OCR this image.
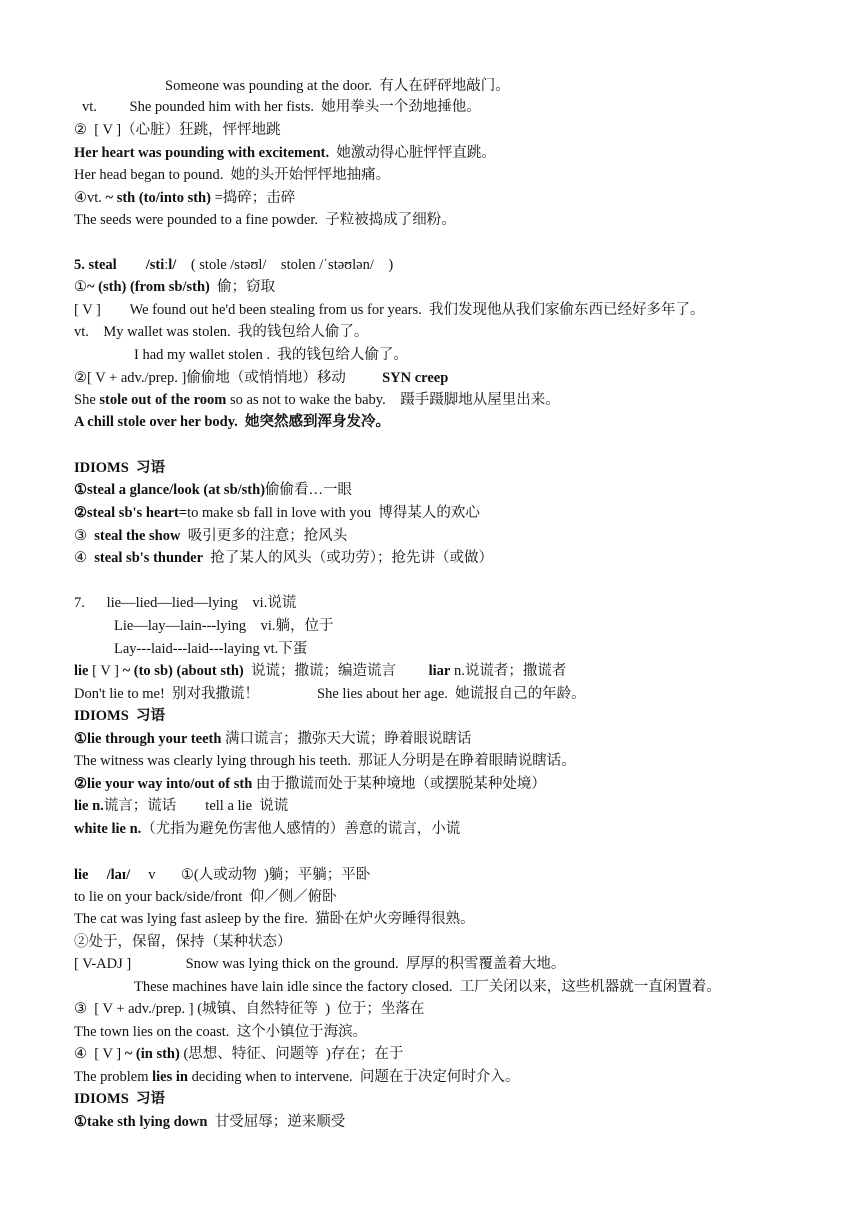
Someone was pounding at the door.  有人在砰砰地敲门。
vt.         She pounded him with her fists.  她用拳头一个劲地捶他。
②  [ V ]（心脏）狂跳，怦怦地跳
Her heart was pounding with excitement.  她激动得心脏怦怦直跳。
Her head began to pound.  她的头开始怦怦地抽痛。
④vt. ~ sth (to/into sth) =捣碎；击碎
The seeds were pounded to a fine powder.  子粒被捣成了细粉。
5. steal /stiːl/    ( stole /stəʊl/    stolen /ˈstəʊlən/    )
①~ (sth) (from sb/sth)  偷；窃取
[ V ]        We found out he'd been stealing from us for years.  我们发现他从我们家偷东西已经好多年了。
vt.    My wallet was stolen.  我的钱包给人偷了。
I had my wallet stolen .  我的钱包给人偷了。
②[ V + adv./prep. ]偷偷地（或悄悄地）移动          SYN creep
She stole out of the room so as not to wake the baby.    蹑手蹑脚地从屋里出来。
A chill stole over her body.  她突然感到浑身发冷。
IDIOMS  习语
①steal a glance/look (at sb/sth)偷偷看…一眼
②steal sb's heart=to make sb fall in love with you  博得某人的欢心
③  steal the show  吸引更多的注意；抢风头
④  steal sb's thunder  抢了某人的风头（或功劳）；抢先讲（或做）
7.      lie—lied—lied—lying    vi.说谎
Lie—lay—lain---lying    vi.躺，位于
Lay---laid---laid---laying vt.下蛋
lie [ V ] ~ (to sb) (about sth)  说谎；撒谎；编造谎言         liar n.说谎者；撒谎者
Don't lie to me!  别对我撒谎！                She lies about her age.  她谎报自己的年龄。
IDIOMS  习语
①lie through your teeth 满口谎言；撒弥天大谎；睁着眼说瞎话
The witness was clearly lying through his teeth.  那证人分明是在睁着眼睛说瞎话。
②lie your way into/out of sth 由于撒谎而处于某种境地（或摆脱某种处境）
lie n.谎言；谎话        tell a lie  说谎
white lie n.（尤指为避免伤害他人感情的）善意的谎言，小谎
lie     /laɪ/     v       ①(人或动物  )躺；平躺；平卧
to lie on your back/side/front  仰／侧／俯卧
The cat was lying fast asleep by the fire.  猫卧在炉火旁睡得很熟。
②处于，保留，保持（某种状态）
[ V-ADJ ]               Snow was lying thick on the ground.  厚厚的积雪覆盖着大地。
These machines have lain idle since the factory closed.  工厂关闭以来，这些机器就一直闲置着。
③  [ V + adv./prep. ] (城镇、自然特征等  )  位于；坐落在
The town lies on the coast.  这个小镇位于海滨。
④  [ V ] ~ (in sth) (思想、特征、问题等  )存在；在于
The problem lies in deciding when to intervene.  问题在于决定何时介入。
IDIOMS  习语
①take sth lying down  甘受屈辱；逆来顺受
